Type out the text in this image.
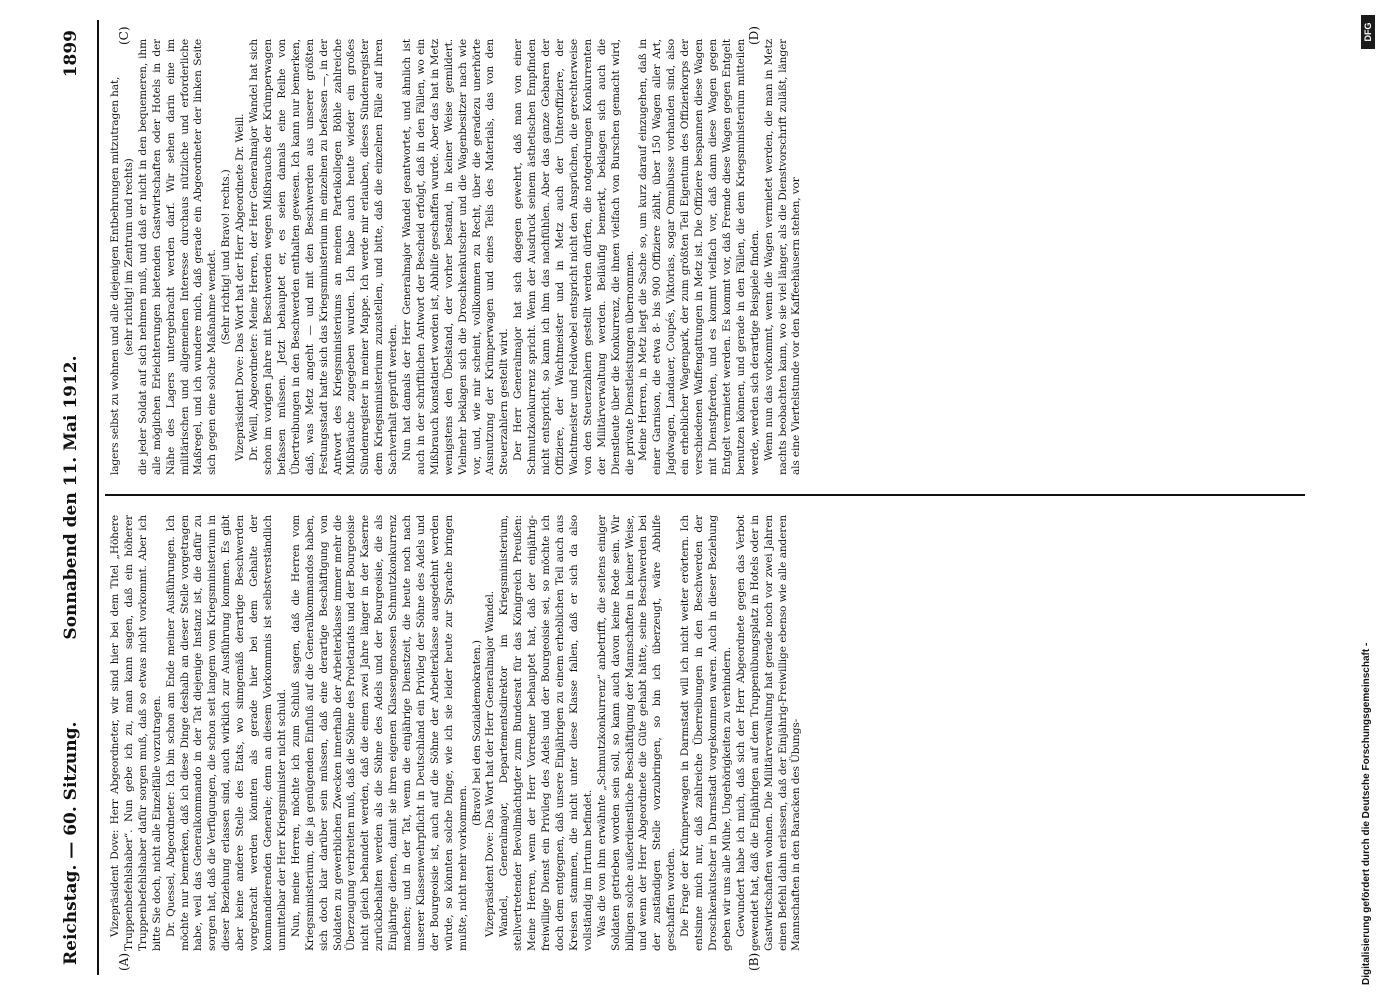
Reichstag. — 60. Sitzung.
Sonnabend den 11. Mai 1912.
1899
(A)	(B)
(C)	(D)

Vizepräsident Dove: Herr Abgeordneter, wir sind hier bei dem Titel „Höhere Truppenbefehlshaber“. Nun gebe ich zu, man kann sagen, daß ein höherer Truppenbefehlshaber dafür sorgen muß, daß so etwas nicht vorkommt. Aber ich bitte Sie doch, nicht alle Einzelfälle vorzutragen. Dr. Quessel, Abgeordneter: Ich bin schon am Ende meiner Ausführungen. Ich möchte nur bemerken, daß ich diese Dinge deshalb an dieser Stelle vorgetragen habe, weil das Generalkommando in der Tat diejenige Instanz ist, die dafür zu sorgen hat, daß die Verfügungen, die schon seit langem vom Kriegsministerium in dieser Beziehung erlassen sind, auch wirklich zur Ausführung kommen. Es gibt aber keine andere Stelle des Etats, wo sinngemäß derartige Beschwerden vorgebracht werden könnten als gerade hier bei dem Gehalte der kommandierenden Generale; denn an diesem Vorkommnis ist selbstverständlich unmittelbar der Herr Kriegsminister nicht schuld. Nun, meine Herren, möchte ich zum Schluß sagen, daß die Herren vom Kriegsministerium, die ja genügenden Einfluß auf die Generalkommandos haben, sich doch klar darüber sein müssen, daß eine derartige Beschäftigung von Soldaten zu gewerblichen Zwecken innerhalb der Arbeiterklasse immer mehr die Überzeugung verbreiten muß, daß die Söhne des Proletariats und der Bourgeoisie nicht gleich behandelt werden, daß die einen zwei Jahre länger in der Kaserne zurückbehalten werden als die Söhne des Adels und der Bourgeoisie, die als Einjährige dienen, damit sie ihren eigenen Klassengenossen Schmutzkonkurrenz machen; und in der Tat, wenn die einjährige Dienstzeit, die heute noch nach unserer Klassenwehrpflicht in Deutschland ein Privileg der Söhne des Adels und der Bourgeoisie ist, auch auf die Söhne der Arbeiterklasse ausgedehnt werden würde, so könnten solche Dinge, wie ich sie leider heute zur Sprache bringen mußte, nicht mehr vorkommen.

(Bravo! bei den Sozialdemokraten.) Vizepräsident Dove: Das Wort hat der Herr Generalmajor Wandel. Wandel, Generalmajor, Departementsdirektor im Kriegsministerium, stellvertretender Bevollmächtigter zum Bundesrat für das Königreich Preußen: Meine Herren, wenn der Herr Vorredner behauptet hat, daß der einjährig-freiwillige Dienst ein Privileg des Adels und der Bourgeoisie sei, so möchte ich doch dem entgegnen, daß unsere Einjährigen zu einem erheblichen Teil auch aus Kreisen stammen, die nicht unter diese Klasse fallen, daß er sich da also vollständig im Irrtum befindet. Was die von ihm erwähnte „Schmutzkonkurrenz“ anbetrifft, die seitens einiger Soldaten getrieben worden sein soll, so kann auch davon keine Rede sein. Wir billigen solche außerdienstliche Beschäftigung der Mannschaften in keiner Weise, und wenn der Herr Abgeordnete die Güte gehabt hätte, seine Beschwerden bei der zuständigen Stelle vorzubringen, so bin ich überzeugt, wäre Abhilfe geschaffen worden. Die Frage der Krümperwagen in Darmstadt will ich nicht weiter erörtern. Ich entsinne mich nur, daß zahlreiche Überreibungen in den Beschwerden der Droschkenkutscher in Darmstadt vorgekommen waren. Auch in dieser Beziehung geben wir uns alle Mühe, Ungehörigkeiten zu verhindern. Gewundert habe ich mich, daß sich der Herr Abgeordnete gegen das Verbot gewendet hat, daß die Einjährigen auf dem Truppenübungsplatz in Hotels oder in Gastwirtschaften wohnen. Die Militärverwaltung hat gerade noch vor zwei Jahren einen Befehl dahin erlassen, daß der Einjährig-Freiwillige ebenso wie alle anderen Mannschaften in den Baracken des Übungs-

lagers selbst zu wohnen und alle diejenigen Entbehrungen mitzutragen hat, (sehr richtig! im Zentrum und rechts) die jeder Soldat auf sich nehmen muß, und daß er nicht in den bequemeren, ihm alle möglichen Erleichterungen bietenden Gastwirtschaften oder Hotels in der Nähe des Lagers untergebracht werden darf. Wir sehen darin eine im militärischen und allgemeinen Interesse durchaus nützliche und erforderliche Maßregel, und ich wundere mich, daß gerade ein Abgeordneter der linken Seite sich gegen eine solche Maßnahme wendet. (Sehr richtig! und Bravo! rechts.) Vizepräsident Dove: Das Wort hat der Herr Abgeordnete Dr. Weill. Dr. Weill, Abgeordneter: Meine Herren, der Herr Generalmajor Wandel hat sich schon im vorigen Jahre mit Beschwerden wegen Mißbrauchs der Krümperwagen befassen müssen. Jetzt behauptet er, es seien damals eine Reihe von Übertreibungen in den Beschwerden enthalten gewesen. Ich kann nur bemerken, daß, was Metz angeht — und mit den Beschwerden aus unserer größten Festungsstadt hatte sich das Kriegsministerium im einzelnen zu befassen —, in der Antwort des Kriegsministeriums an meinen Parteikollegen Böhle zahlreiche Mißbräuche zugegeben wurden. Ich habe auch heute wieder ein großes Sündenregister in meiner Mappe. Ich werde mir erlauben, dieses Sündenregister dem Kriegsministerium zuzustellen, und bitte, daß die einzelnen Fälle auf ihren Sachverhalt geprüft werden. Nun hat damals der Herr Generalmajor Wandel geantwortet, und ähnlich ist auch in der schriftlichen Antwort der Bescheid erfolgt, daß in den Fällen, wo ein Mißbrauch konstatiert worden ist, Abhilfe geschaffen wurde. Aber das hat in Metz wenigstens den Übelstand, der vorher bestand, in keiner Weise gemildert. Vielmehr beklagen sich die Droschkenkutscher und die Wagenbesitzer nach wie vor, und, wie mir scheint, vollkommen zu Recht, über die geradezu unerhörte Ausnutzung der Krümperwagen und eines Teils des Materials, das von den Steuerzahlern gestellt wird. Der Herr Generalmajor hat sich dagegen gewehrt, daß man von einer Schmutzkonkurrenz spricht. Wenn der Ausdruck seinem ästhetischen Empfinden nicht entspricht, so kann ich ihm das nachfühlen. Aber das ganze Gebaren der Offiziere, der Wachtmeister und in Metz auch der Unteroffiziere, der Wachtmeister und Feldwebel entspricht nicht den Ansprüchen, die gerechterweise von den Steuerzahlern gestellt werden dürfen, die notgedrungen Konkurrenten der Militärverwaltung werden. Beiläufig bemerkt, beklagen sich auch die Dienstleute über die Konkurrenz, die ihnen vielfach von Burschen gemacht wird, die private Dienstleistungen übernommen. Meine Herren, in Metz liegt die Sache so, um kurz darauf einzugehen, daß in einer Garnison, die etwa 8- bis 900 Offiziere zählt, über 150 Wagen aller Art, Jagdwagen, Landauer, Coupés, Viktorias, sogar Omnibusse vorhanden sind, also ein erheblicher Wagenpark, der zum größten Teil Eigentum des Offizierkorps der verschiedenen Waffengattungen in Metz ist. Die Offiziere bespannen diese Wagen mit Dienstpferden, und es kommt vielfach vor, daß dann diese Wagen gegen Entgelt vermietet werden. Es kommt vor, daß Fremde diese Wagen gegen Entgelt benutzen können, und gerade in den Fällen, die dem Kriegsministerium mitteilen werde, werden sich derartige Beispiele finden. Wenn nun das vorkommt, wenn die Wagen vermietet werden, die man in Metz nachts beobachten kann, wo sie viel länger, als die Dienstvorschrift zuläßt, länger als eine Viertelstunde vor den Kaffeehäusern stehen, vor

DFG
Digitalisierung gefördert durch die Deutsche Forschungsgemeinschaft -
